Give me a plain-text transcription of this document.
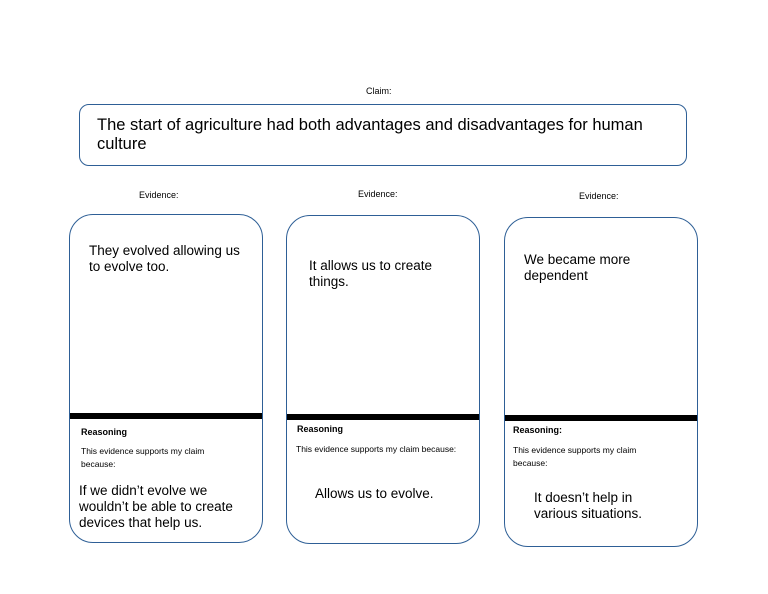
Claim:
The start of agriculture had both advantages and disadvantages for human culture
Evidence:	Evidence:	Evidence:
They evolved allowing us to evolve too.
Reasoning
This evidence supports my claim because:
If we didn’t evolve we wouldn’t be able to create devices that help us.
It allows us to create things.
Reasoning
This evidence supports my claim because:
Allows us to evolve.
We became more dependent
Reasoning:
This evidence supports my claim because:
It doesn’t help in various situations.
